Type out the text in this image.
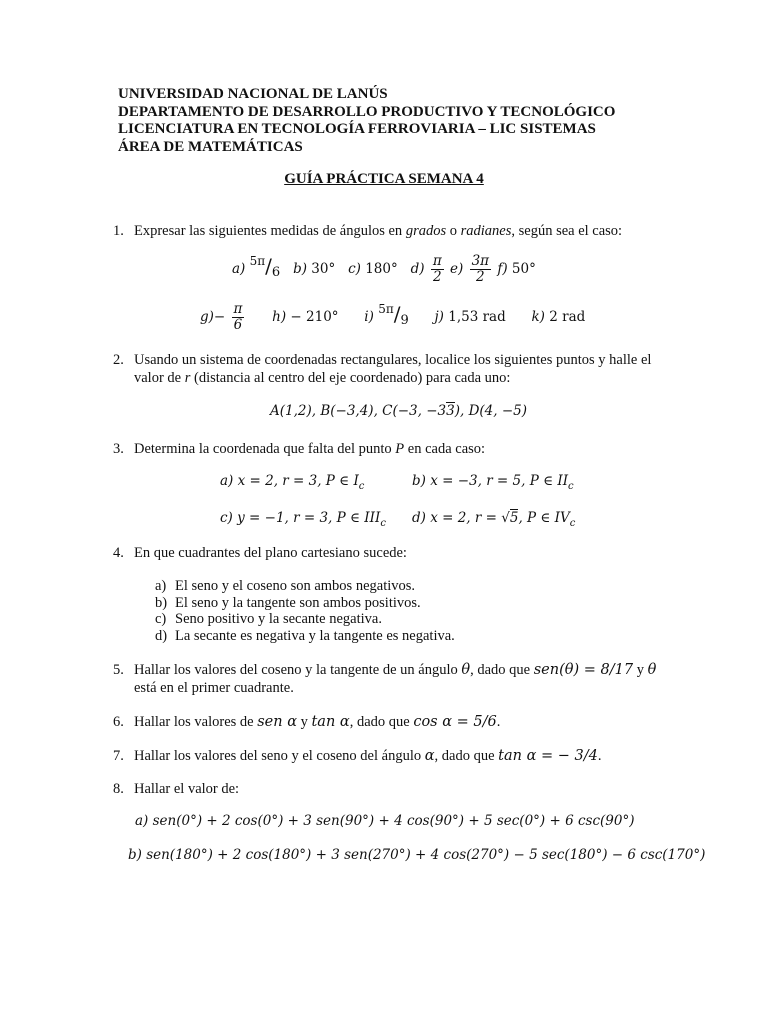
UNIVERSIDAD NACIONAL DE LANÚS
DEPARTAMENTO DE DESARROLLO PRODUCTIVO Y TECNOLÓGICO
LICENCIATURA EN TECNOLOGÍA FERROVIARIA – LIC SISTEMAS
ÁREA DE MATEMÁTICAS
GUÍA PRÁCTICA SEMANA 4
1. Expresar las siguientes medidas de ángulos en grados o radianes, según sea el caso:
a) $^{5\pi}/_6$ b) 30° c) 180° $d) \frac{\pi}{2} e) \frac{3\pi}{2} f$) 50°
$g)- \frac{\pi}{6} h) - 210^\circ$ i) $^{5\pi}/_9$ j) 1,53 rad k) 2 rad
2. Usando un sistema de coordenadas rectangulares, localice los siguientes puntos y halle el valor de r (distancia al centro del eje coordenado) para cada uno:
A(1,2), B(−3,4), C(−3, −33), D(4, −5)
3. Determina la coordenada que falta del punto P en cada caso:
a) x = 2, r = 3, P ∈ $I_c$	b) x = −3, r = 5, P ∈ $II_c$
c) y = −1, r = 3, P ∈ $III_c$ d) x = 2, r = √5, P ∈ $IV_c$
4. En que cuadrantes del plano cartesiano sucede:
a) El seno y el coseno son ambos negativos.
b) El seno y la tangente son ambos positivos.
c) Seno positivo y la secante negativa.
d) La secante es negativa y la tangente es negativa.
5. Hallar los valores del coseno y la tangente de un ángulo θ, dado que sen(θ) = 8/17 y θ está en el primer cuadrante.
6. Hallar los valores de sen α y tan α, dado que cos α = 5/6.
7. Hallar los valores del seno y el coseno del ángulo α, dado que tan α = − 3/4.
8. Hallar el valor de:
a) sen(0°) + 2 cos(0°) + 3 sen(90°) + 4 cos(90°) + 5 sec(0°) + 6 csc(90°)
b) sen(180°) + 2 cos(180°) + 3 sen(270°) + 4 cos(270°) − 5 sec(180°) − 6 csc(170°)
